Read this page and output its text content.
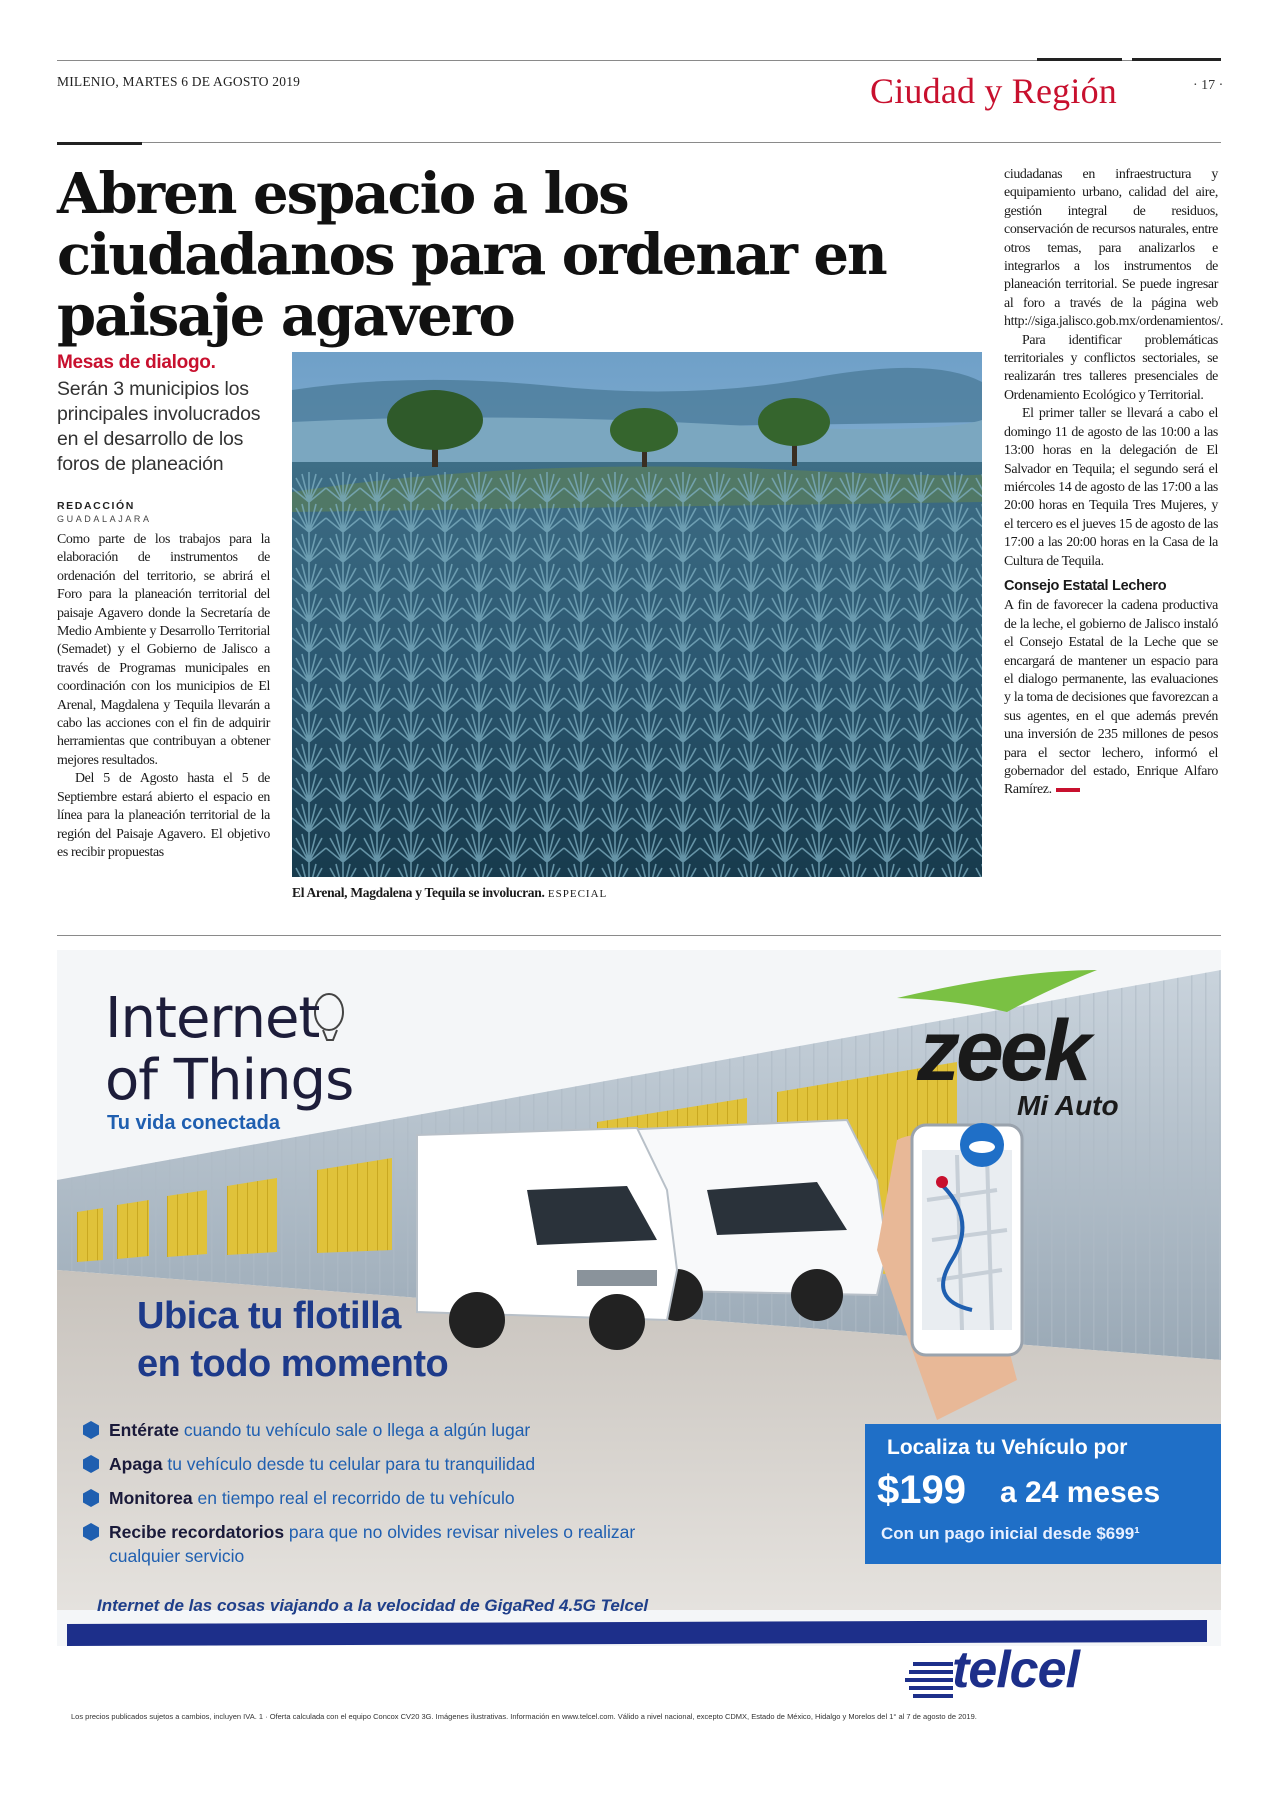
MILENIO, MARTES 6 DE AGOSTO 2019	Ciudad y Región	· 17 ·
Abren espacio a los ciudadanos para ordenar en paisaje agavero
Mesas de dialogo.
Serán 3 municipios los principales involucrados en el desarrollo de los foros de planeación
REDACCIÓN
GUADALAJARA

Como parte de los trabajos para la elaboración de instrumentos de ordenación del territorio, se abrirá el Foro para la planeación territorial del paisaje Agavero donde la Secretaría de Medio Ambiente y Desarrollo Territorial (Semadet) y el Gobierno de Jalisco a través de Programas municipales en coordinación con los municipios de El Arenal, Magdalena y Tequila llevarán a cabo las acciones con el fin de adquirir herramientas que contribuyan a obtener mejores resultados.

Del 5 de Agosto hasta el 5 de Septiembre estará abierto el espacio en línea para la planeación territorial de la región del Paisaje Agavero. El objetivo es recibir propuestas

El Arenal, Magdalena y Tequila se involucran. ESPECIAL

ciudadanas en infraestructura y equipamiento urbano, calidad del aire, gestión integral de residuos, conservación de recursos naturales, entre otros temas, para analizarlos e integrarlos a los instrumentos de planeación territorial. Se puede ingresar al foro a través de la página web http://siga.jalisco.gob.mx/ordenamientos/.

Para identificar problemáticas territoriales y conflictos sectoriales, se realizarán tres talleres presenciales de Ordenamiento Ecológico y Territorial.

El primer taller se llevará a cabo el domingo 11 de agosto de las 10:00 a las 13:00 horas en la delegación de El Salvador en Tequila; el segundo será el miércoles 14 de agosto de las 17:00 a las 20:00 horas en Tequila Tres Mujeres, y el tercero es el jueves 15 de agosto de las 17:00 a las 20:00 horas en la Casa de la Cultura de Tequila.

Consejo Estatal Lechero

A fin de favorecer la cadena productiva de la leche, el gobierno de Jalisco instaló el Consejo Estatal de la Leche que se encargará de mantener un espacio para el dialogo permanente, las evaluaciones y la toma de decisiones que favorezcan a sus agentes, en el que además prevén una inversión de 235 millones de pesos para el sector lechero, informó el gobernador del estado, Enrique Alfaro Ramírez.

Internet
of Things
Tu vida conectada
zeek
Mi Auto
Ubica tu flotilla
en todo momento
Entérate cuando tu vehículo sale o llega a algún lugar
Apaga tu vehículo desde tu celular para tu tranquilidad
Monitorea en tiempo real el recorrido de tu vehículo
Recibe recordatorios para que no olvides revisar niveles o realizar cualquier servicio
Localiza tu Vehículo por
$199 a 24 meses
Con un pago inicial desde $699¹
Internet de las cosas viajando a la velocidad de GigaRed 4.5G Telcel
telcel
Los precios publicados sujetos a cambios, incluyen IVA. 1 · Oferta calculada con el equipo Concox CV20 3G. Imágenes ilustrativas. Información en www.telcel.com. Válido a nivel nacional, excepto CDMX, Estado de México, Hidalgo y Morelos del 1° al 7 de agosto de 2019.
